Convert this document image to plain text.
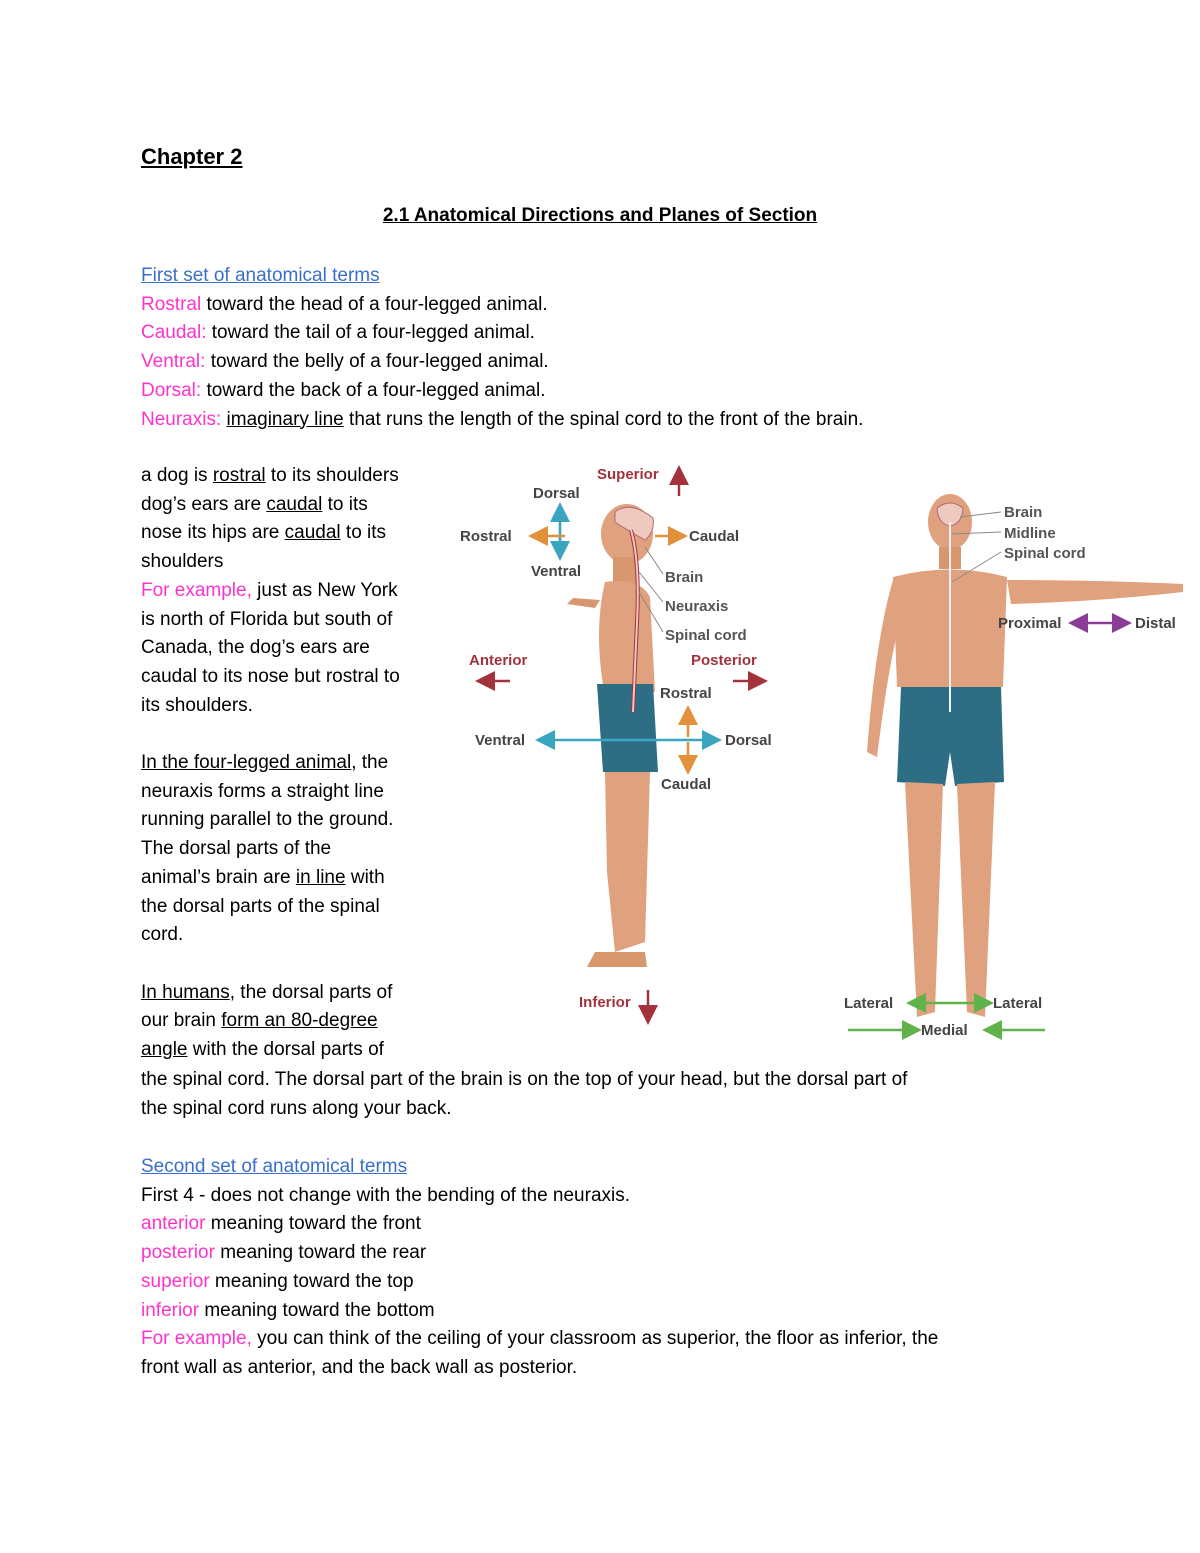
Chapter 2
2.1 Anatomical Directions and Planes of Section
First set of anatomical terms
Rostral toward the head of a four-legged animal.
Caudal: toward the tail of a four-legged animal.
Ventral: toward the belly of a four-legged animal.
Dorsal: toward the back of a four-legged animal.
Neuraxis: imaginary line that runs the length of the spinal cord to the front of the brain.
a dog is rostral to its shoulders
dog’s ears are caudal to its
nose its hips are caudal to its
shoulders
For example, just as New York
is north of Florida but south of
Canada, the dog’s ears are
caudal to its nose but rostral to
its shoulders.
In the four-legged animal, the
neuraxis forms a straight line
running parallel to the ground.
The dorsal parts of the
animal’s brain are in line with
the dorsal parts of the spinal
cord.
In humans, the dorsal parts of
our brain form an 80-degree
angle with the dorsal parts of
the spinal cord. The dorsal part of the brain is on the top of your head, but the dorsal part of
the spinal cord runs along your back.
Second set of anatomical terms
First 4 - does not change with the bending of the neuraxis.
anterior meaning toward the front
posterior meaning toward the rear
superior meaning toward the top
inferior meaning toward the bottom
For example, you can think of the ceiling of your classroom as superior, the floor as inferior, the
front wall as anterior, and the back wall as posterior.
Superior
Dorsal
Rostral	Caudal
Ventral	Brain
Neuraxis
Spinal cord
Anterior	Posterior
Rostral
Ventral	Dorsal
Caudal
Inferior
Brain
Midline
Spinal cord
Proximal	Distal
Lateral	Lateral
Medial
